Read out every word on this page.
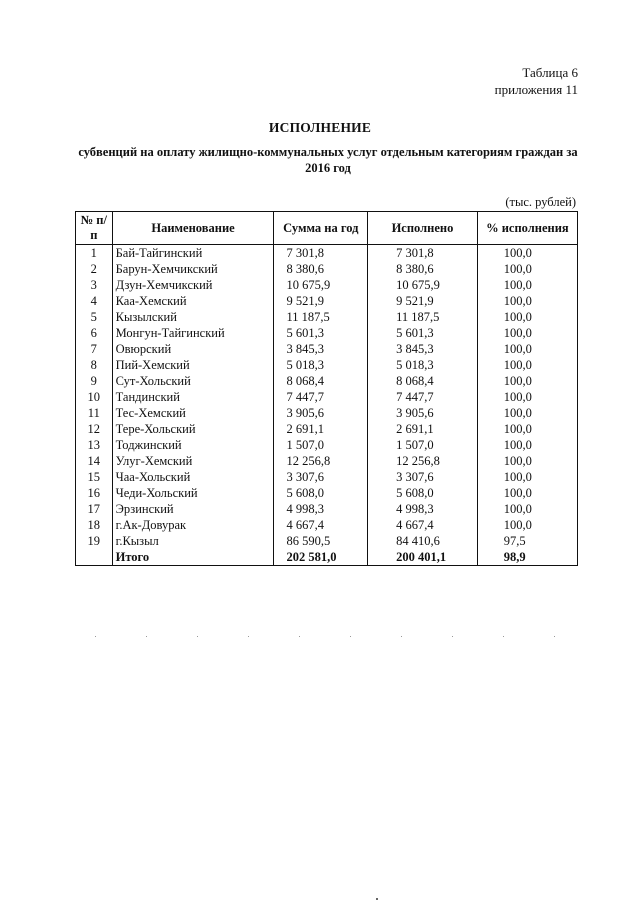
Таблица 6
приложения 11
ИСПОЛНЕНИЕ
субвенций на оплату жилищно-коммунальных услуг отдельным категориям граждан за 2016 год
(тыс. рублей)
№ п/п	Наименование	Сумма на год	Исполнено	% исполнения
1	Бай-Тайгинский	7 301,8	7 301,8	100,0
2	Барун-Хемчикский	8 380,6	8 380,6	100,0
3	Дзун-Хемчикский	10 675,9	10 675,9	100,0
4	Каа-Хемский	9 521,9	9 521,9	100,0
5	Кызылский	11 187,5	11 187,5	100,0
6	Монгун-Тайгинский	5 601,3	5 601,3	100,0
7	Овюрский	3 845,3	3 845,3	100,0
8	Пий-Хемский	5 018,3	5 018,3	100,0
9	Сут-Хольский	8 068,4	8 068,4	100,0
10	Тандинский	7 447,7	7 447,7	100,0
11	Тес-Хемский	3 905,6	3 905,6	100,0
12	Тере-Хольский	2 691,1	2 691,1	100,0
13	Тоджинский	1 507,0	1 507,0	100,0
14	Улуг-Хемский	12 256,8	12 256,8	100,0
15	Чаа-Хольский	3 307,6	3 307,6	100,0
16	Чеди-Хольский	5 608,0	5 608,0	100,0
17	Эрзинский	4 998,3	4 998,3	100,0
18	г.Ак-Довурак	4 667,4	4 667,4	100,0
19	г.Кызыл	86 590,5	84 410,6	97,5
	Итого	202 581,0	200 401,1	98,9
